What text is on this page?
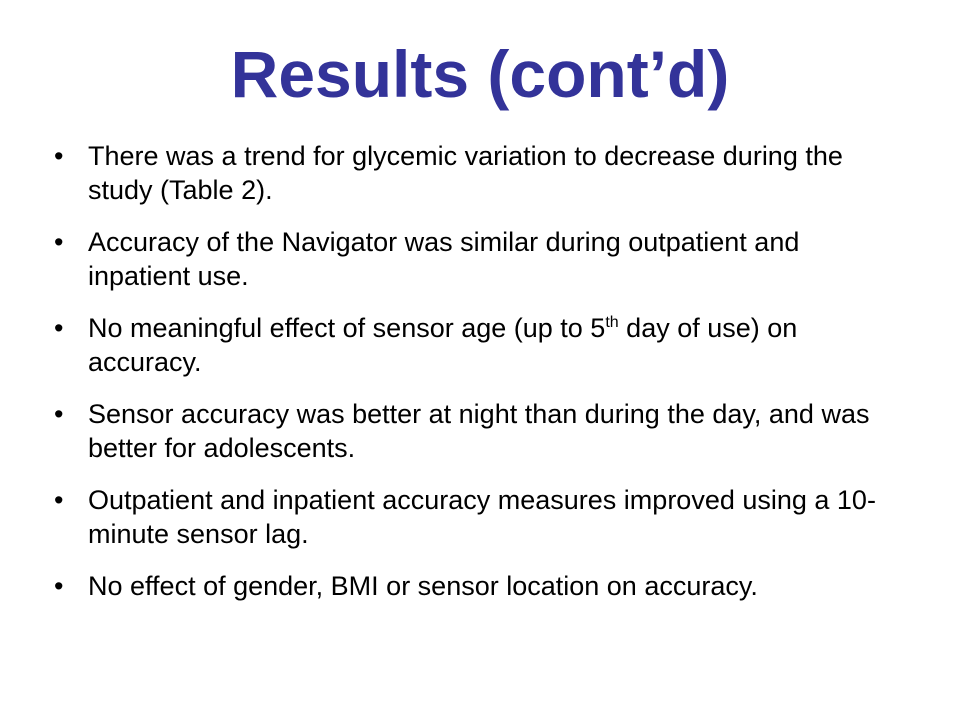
Results (cont’d)
• There was a trend for glycemic variation to decrease during the study (Table 2).
• Accuracy of the Navigator was similar during outpatient and inpatient use.
• No meaningful effect of sensor age (up to 5th day of use) on accuracy.
• Sensor accuracy was better at night than during the day, and was better for adolescents.
• Outpatient and inpatient accuracy measures improved using a 10-minute sensor lag.
• No effect of gender, BMI or sensor location on accuracy.
